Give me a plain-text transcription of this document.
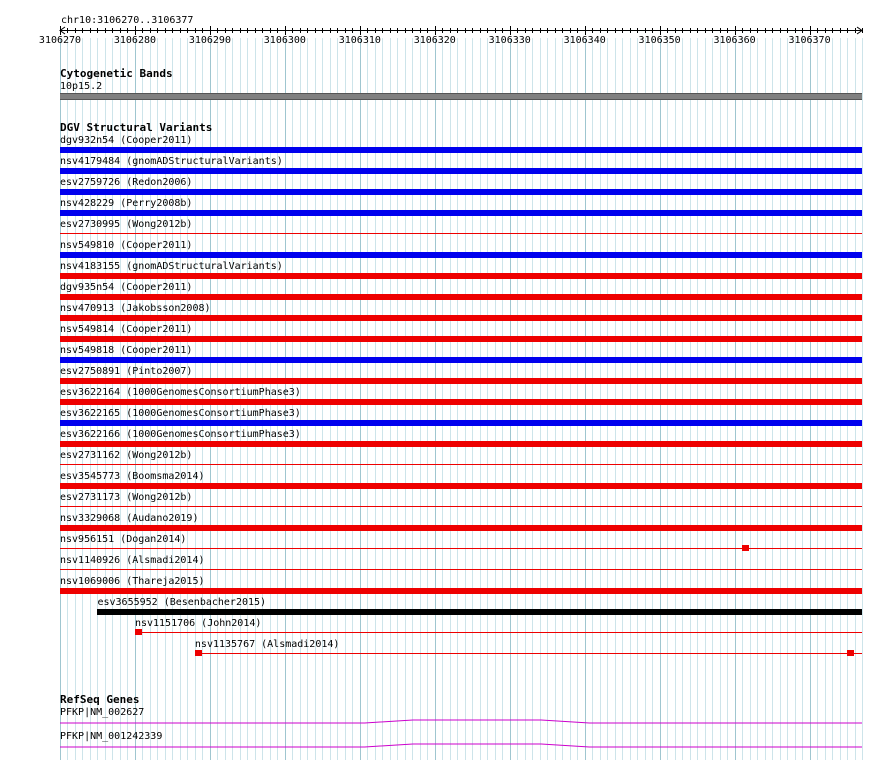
chr10:3106270..3106377
3106270	3106280	3106290	3106300	3106310	3106320	3106330	3106340	3106350	3106360	3106370
Cytogenetic Bands
10p15.2
DGV Structural Variants
dgv932n54 (Cooper2011)
nsv4179484 (gnomADStructuralVariants)
esv2759726 (Redon2006)
nsv428229 (Perry2008b)
esv2730995 (Wong2012b)
nsv549810 (Cooper2011)
nsv4183155 (gnomADStructuralVariants)
dgv935n54 (Cooper2011)
nsv470913 (Jakobsson2008)
nsv549814 (Cooper2011)
nsv549818 (Cooper2011)
esv2750891 (Pinto2007)
esv3622164 (1000GenomesConsortiumPhase3)
esv3622165 (1000GenomesConsortiumPhase3)
esv3622166 (1000GenomesConsortiumPhase3)
esv2731162 (Wong2012b)
esv3545773 (Boomsma2014)
esv2731173 (Wong2012b)
nsv3329068 (Audano2019)
nsv956151 (Dogan2014)
nsv1140926 (Alsmadi2014)
nsv1069006 (Thareja2015)
esv3655952 (Besenbacher2015)
nsv1151706 (John2014)
nsv1135767 (Alsmadi2014)
RefSeq Genes
PFKP|NM_002627
PFKP|NM_001242339
